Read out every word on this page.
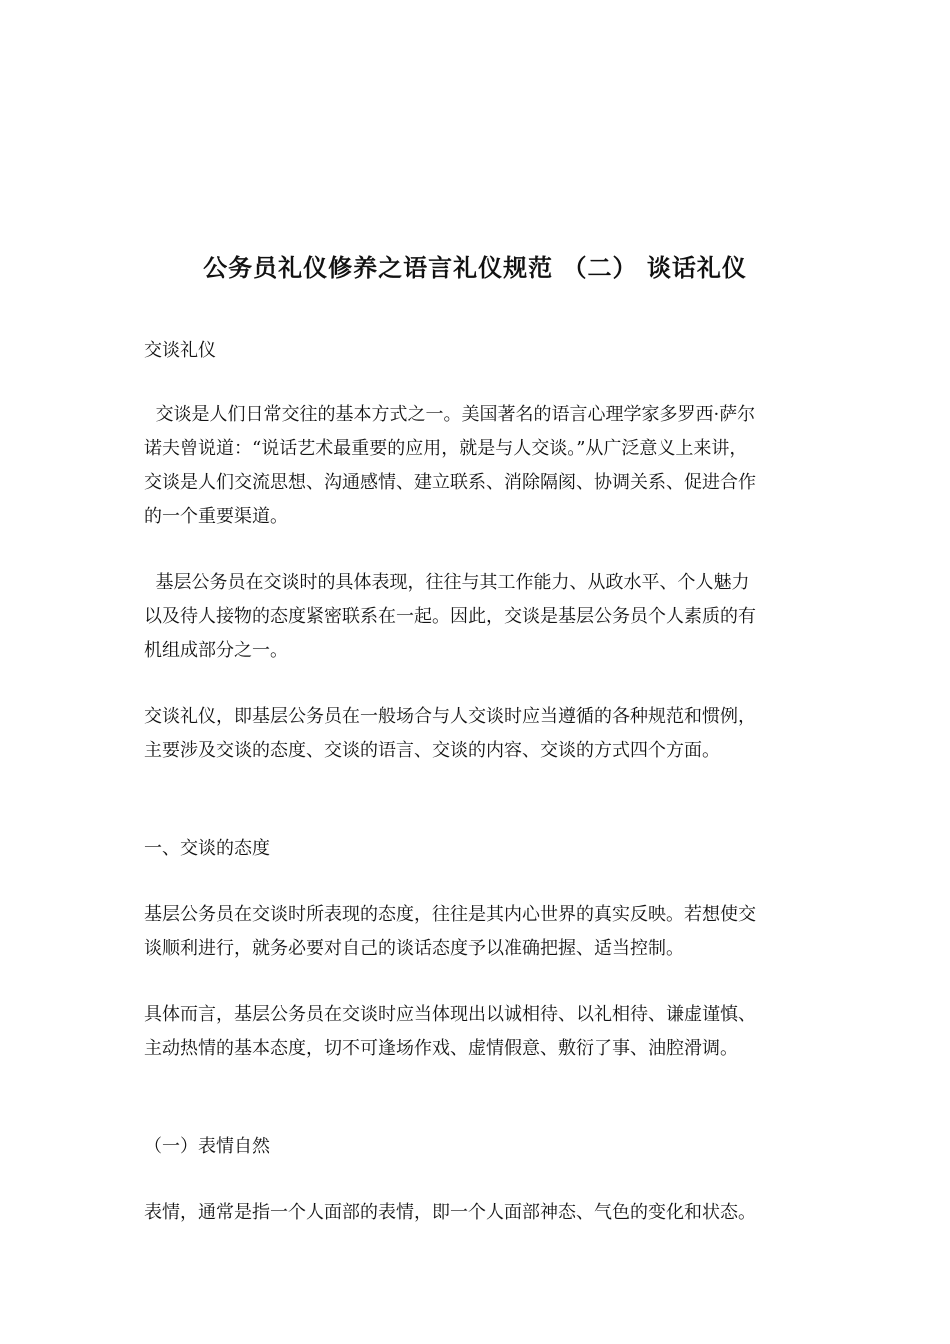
公务员礼仪修养之语言礼仪规范 （二） 谈话礼仪
交谈礼仪
交谈是人们日常交往的基本方式之一。美国著名的语言心理学家多罗西·萨尔
诺夫曾说道：“说话艺术最重要的应用，就是与人交谈。”从广泛意义上来讲，
交谈是人们交流思想、沟通感情、建立联系、消除隔阂、协调关系、促进合作
的一个重要渠道。
基层公务员在交谈时的具体表现，往往与其工作能力、从政水平、个人魅力
以及待人接物的态度紧密联系在一起。因此，交谈是基层公务员个人素质的有
机组成部分之一。
交谈礼仪，即基层公务员在一般场合与人交谈时应当遵循的各种规范和惯例，
主要涉及交谈的态度、交谈的语言、交谈的内容、交谈的方式四个方面。
一、交谈的态度
基层公务员在交谈时所表现的态度，往往是其内心世界的真实反映。若想使交
谈顺利进行，就务必要对自己的谈话态度予以准确把握、适当控制。
具体而言，基层公务员在交谈时应当体现出以诚相待、以礼相待、谦虚谨慎、
主动热情的基本态度，切不可逢场作戏、虚情假意、敷衍了事、油腔滑调。
（一）表情自然
表情，通常是指一个人面部的表情，即一个人面部神态、气色的变化和状态。
